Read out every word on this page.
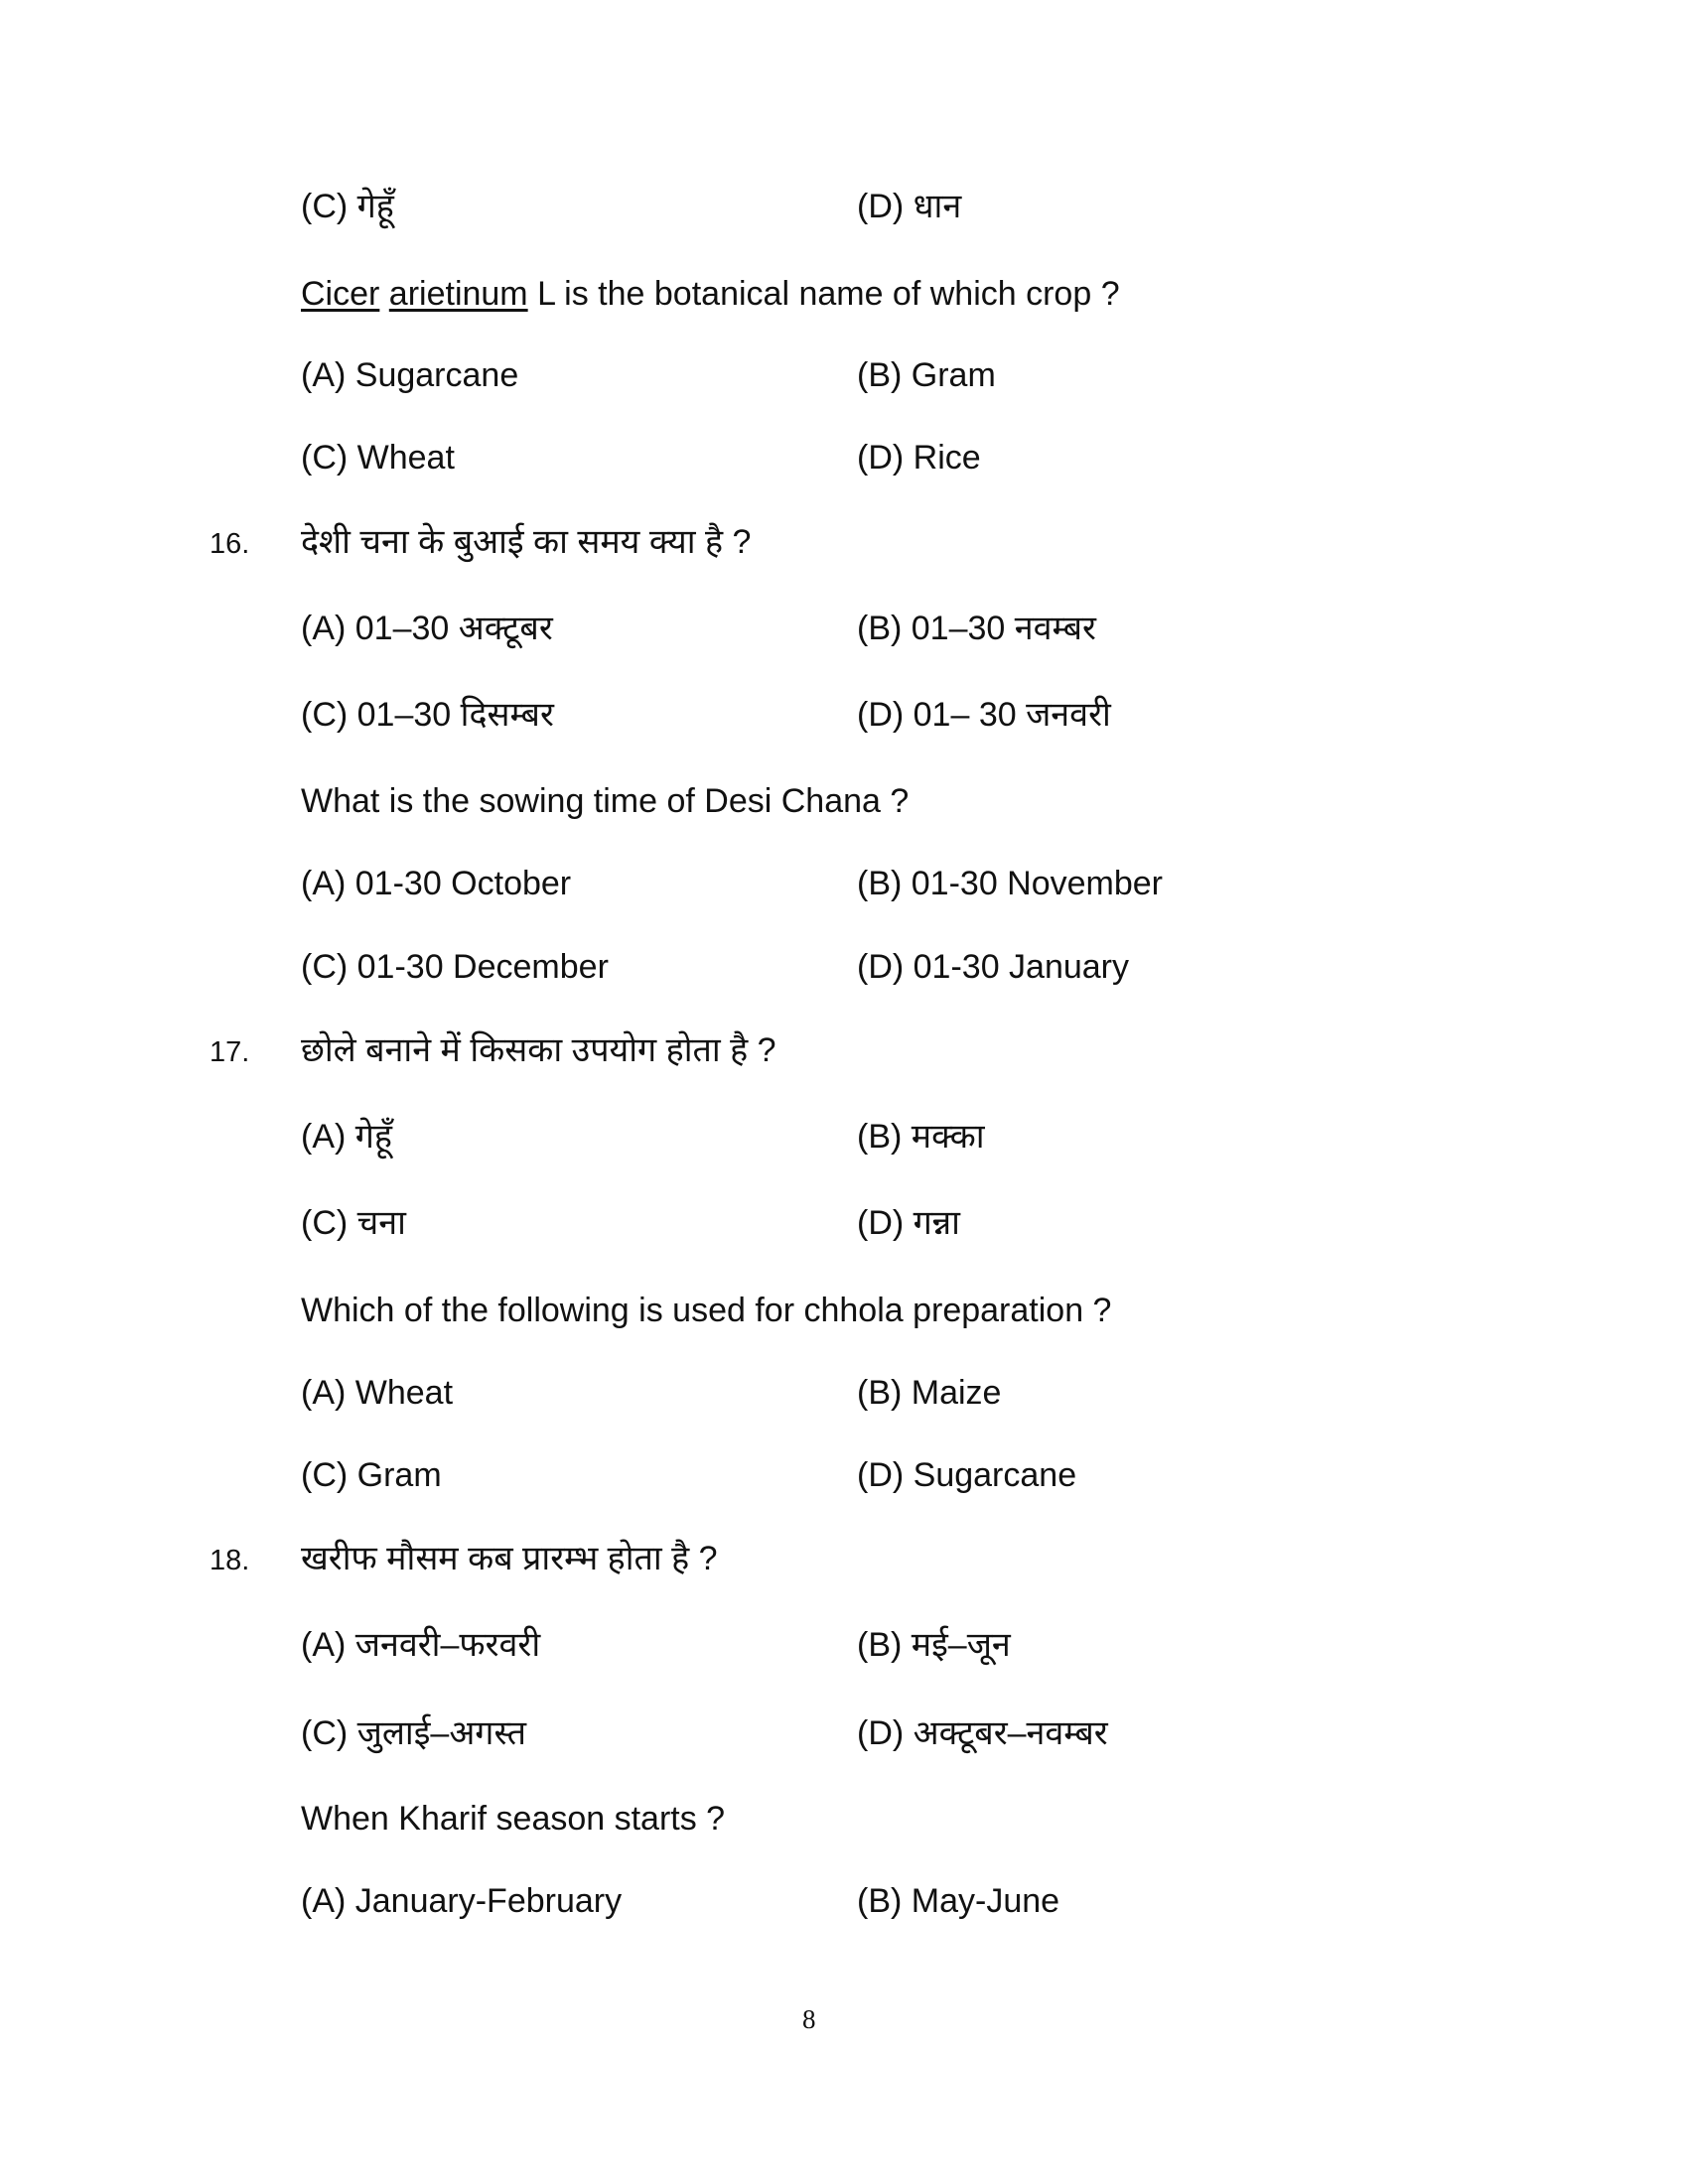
8
(C) गेहूँ	(D) धान
Cicer arietinum L is the botanical name of which crop ?
(A) Sugarcane	(B) Gram
(C) Wheat	(D) Rice
16. देशी चना के बुआई का समय क्या है ?
(A) 01–30 अक्टूबर	(B) 01–30 नवम्बर
(C) 01–30 दिसम्बर	(D) 01– 30 जनवरी
What is the sowing time of Desi Chana ?
(A) 01-30 October	(B) 01-30 November
(C) 01-30 December	(D) 01-30 January
17. छोले बनाने में किसका उपयोग होता है ?
(A) गेहूँ	(B) मक्का
(C) चना	(D) गन्ना
Which of the following is used for chhola preparation ?
(A) Wheat	(B) Maize
(C) Gram	(D) Sugarcane
18. खरीफ मौसम कब प्रारम्भ होता है ?
(A) जनवरी–फरवरी	(B) मई–जून
(C) जुलाई–अगस्त	(D) अक्टूबर–नवम्बर
When Kharif season starts ?
(A) January-February	(B) May-June
